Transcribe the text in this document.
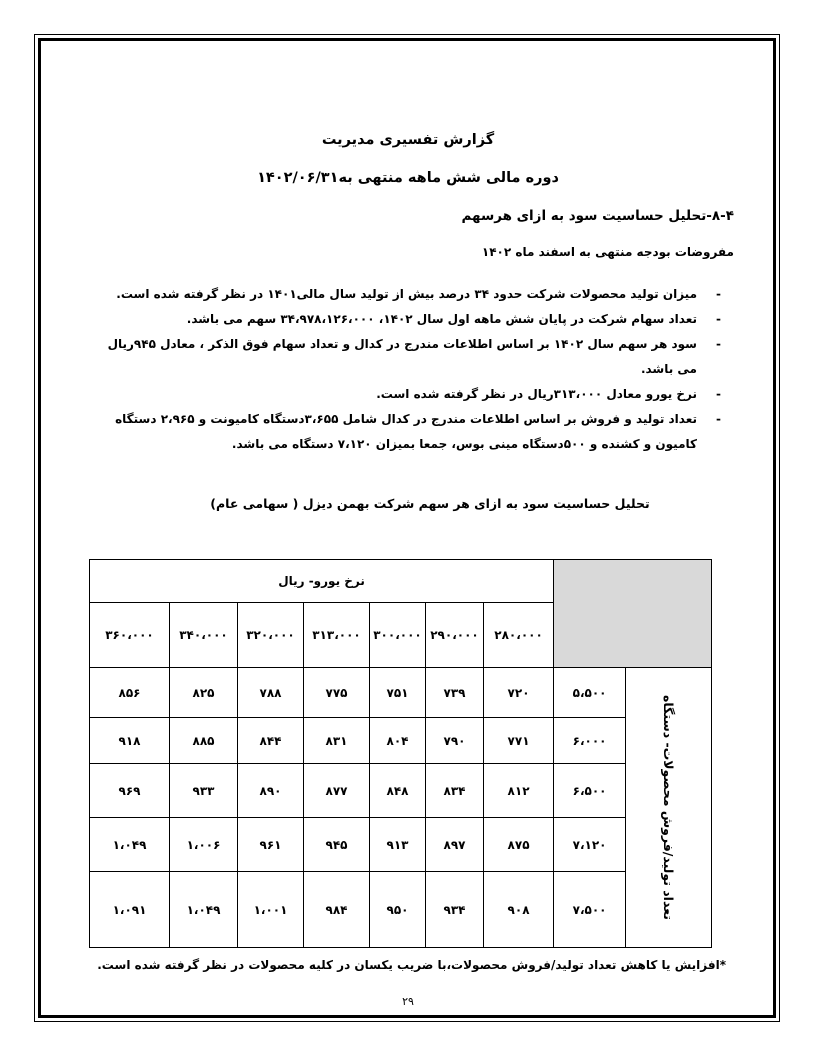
گزارش تفسیری مدیریت
دوره مالی شش ماهه منتهی به۱۴۰۲/۰۶/۳۱
۸-۴-تحلیل حساسیت سود به ازای هرسهم
مفروضات بودجه منتهی به اسفند ماه ۱۴۰۲
-
میزان تولید محصولات شرکت حدود ۳۴ درصد بیش از تولید سال مالی۱۴۰۱ در نظر گرفته شده است.
-
تعداد سهام شرکت در پایان شش ماهه اول سال ۱۴۰۲، ۳۴،۹۷۸،۱۲۶،۰۰۰ سهم می باشد.
-
سود هر سهم سال ۱۴۰۲ بر اساس اطلاعات مندرج در کدال و تعداد سهام فوق الذکر ، معادل ۹۴۵ریال می باشد.
-
نرخ یورو معادل ۳۱۳،۰۰۰ریال در نظر گرفته شده است.
-
تعداد تولید و فروش بر اساس اطلاعات مندرج در کدال شامل ۳،۶۵۵دستگاه کامیونت و ۲،۹۶۵ دستگاه کامیون و کشنده و ۵۰۰دستگاه مینی بوس، جمعا بمیزان ۷،۱۲۰ دستگاه می باشد.
تحلیل حساسیت سود به ازای هر سهم شرکت بهمن دیزل ( سهامی عام)
نرخ یورو- ریال								
۳۶۰،۰۰۰	۳۴۰،۰۰۰	۳۲۰،۰۰۰	۳۱۳،۰۰۰	۳۰۰،۰۰۰	۲۹۰،۰۰۰	۲۸۰،۰۰۰		
۸۵۶	۸۲۵	۷۸۸	۷۷۵	۷۵۱	۷۳۹	۷۲۰	۵،۵۰۰	تعداد تولید/فروش محصولات- دستگاه

۹۱۸	۸۸۵	۸۴۴	۸۳۱	۸۰۴	۷۹۰	۷۷۱	۶،۰۰۰	
۹۶۹	۹۳۳	۸۹۰	۸۷۷	۸۴۸	۸۳۴	۸۱۲	۶،۵۰۰	
۱،۰۴۹	۱،۰۰۶	۹۶۱	۹۴۵	۹۱۳	۸۹۷	۸۷۵	۷،۱۲۰	
۱،۰۹۱	۱،۰۴۹	۱،۰۰۱	۹۸۴	۹۵۰	۹۳۴	۹۰۸	۷،۵۰۰	
*افزایش یا کاهش تعداد تولید/فروش محصولات،با ضریب یکسان در کلیه محصولات در نظر گرفته شده است.
۲۹
